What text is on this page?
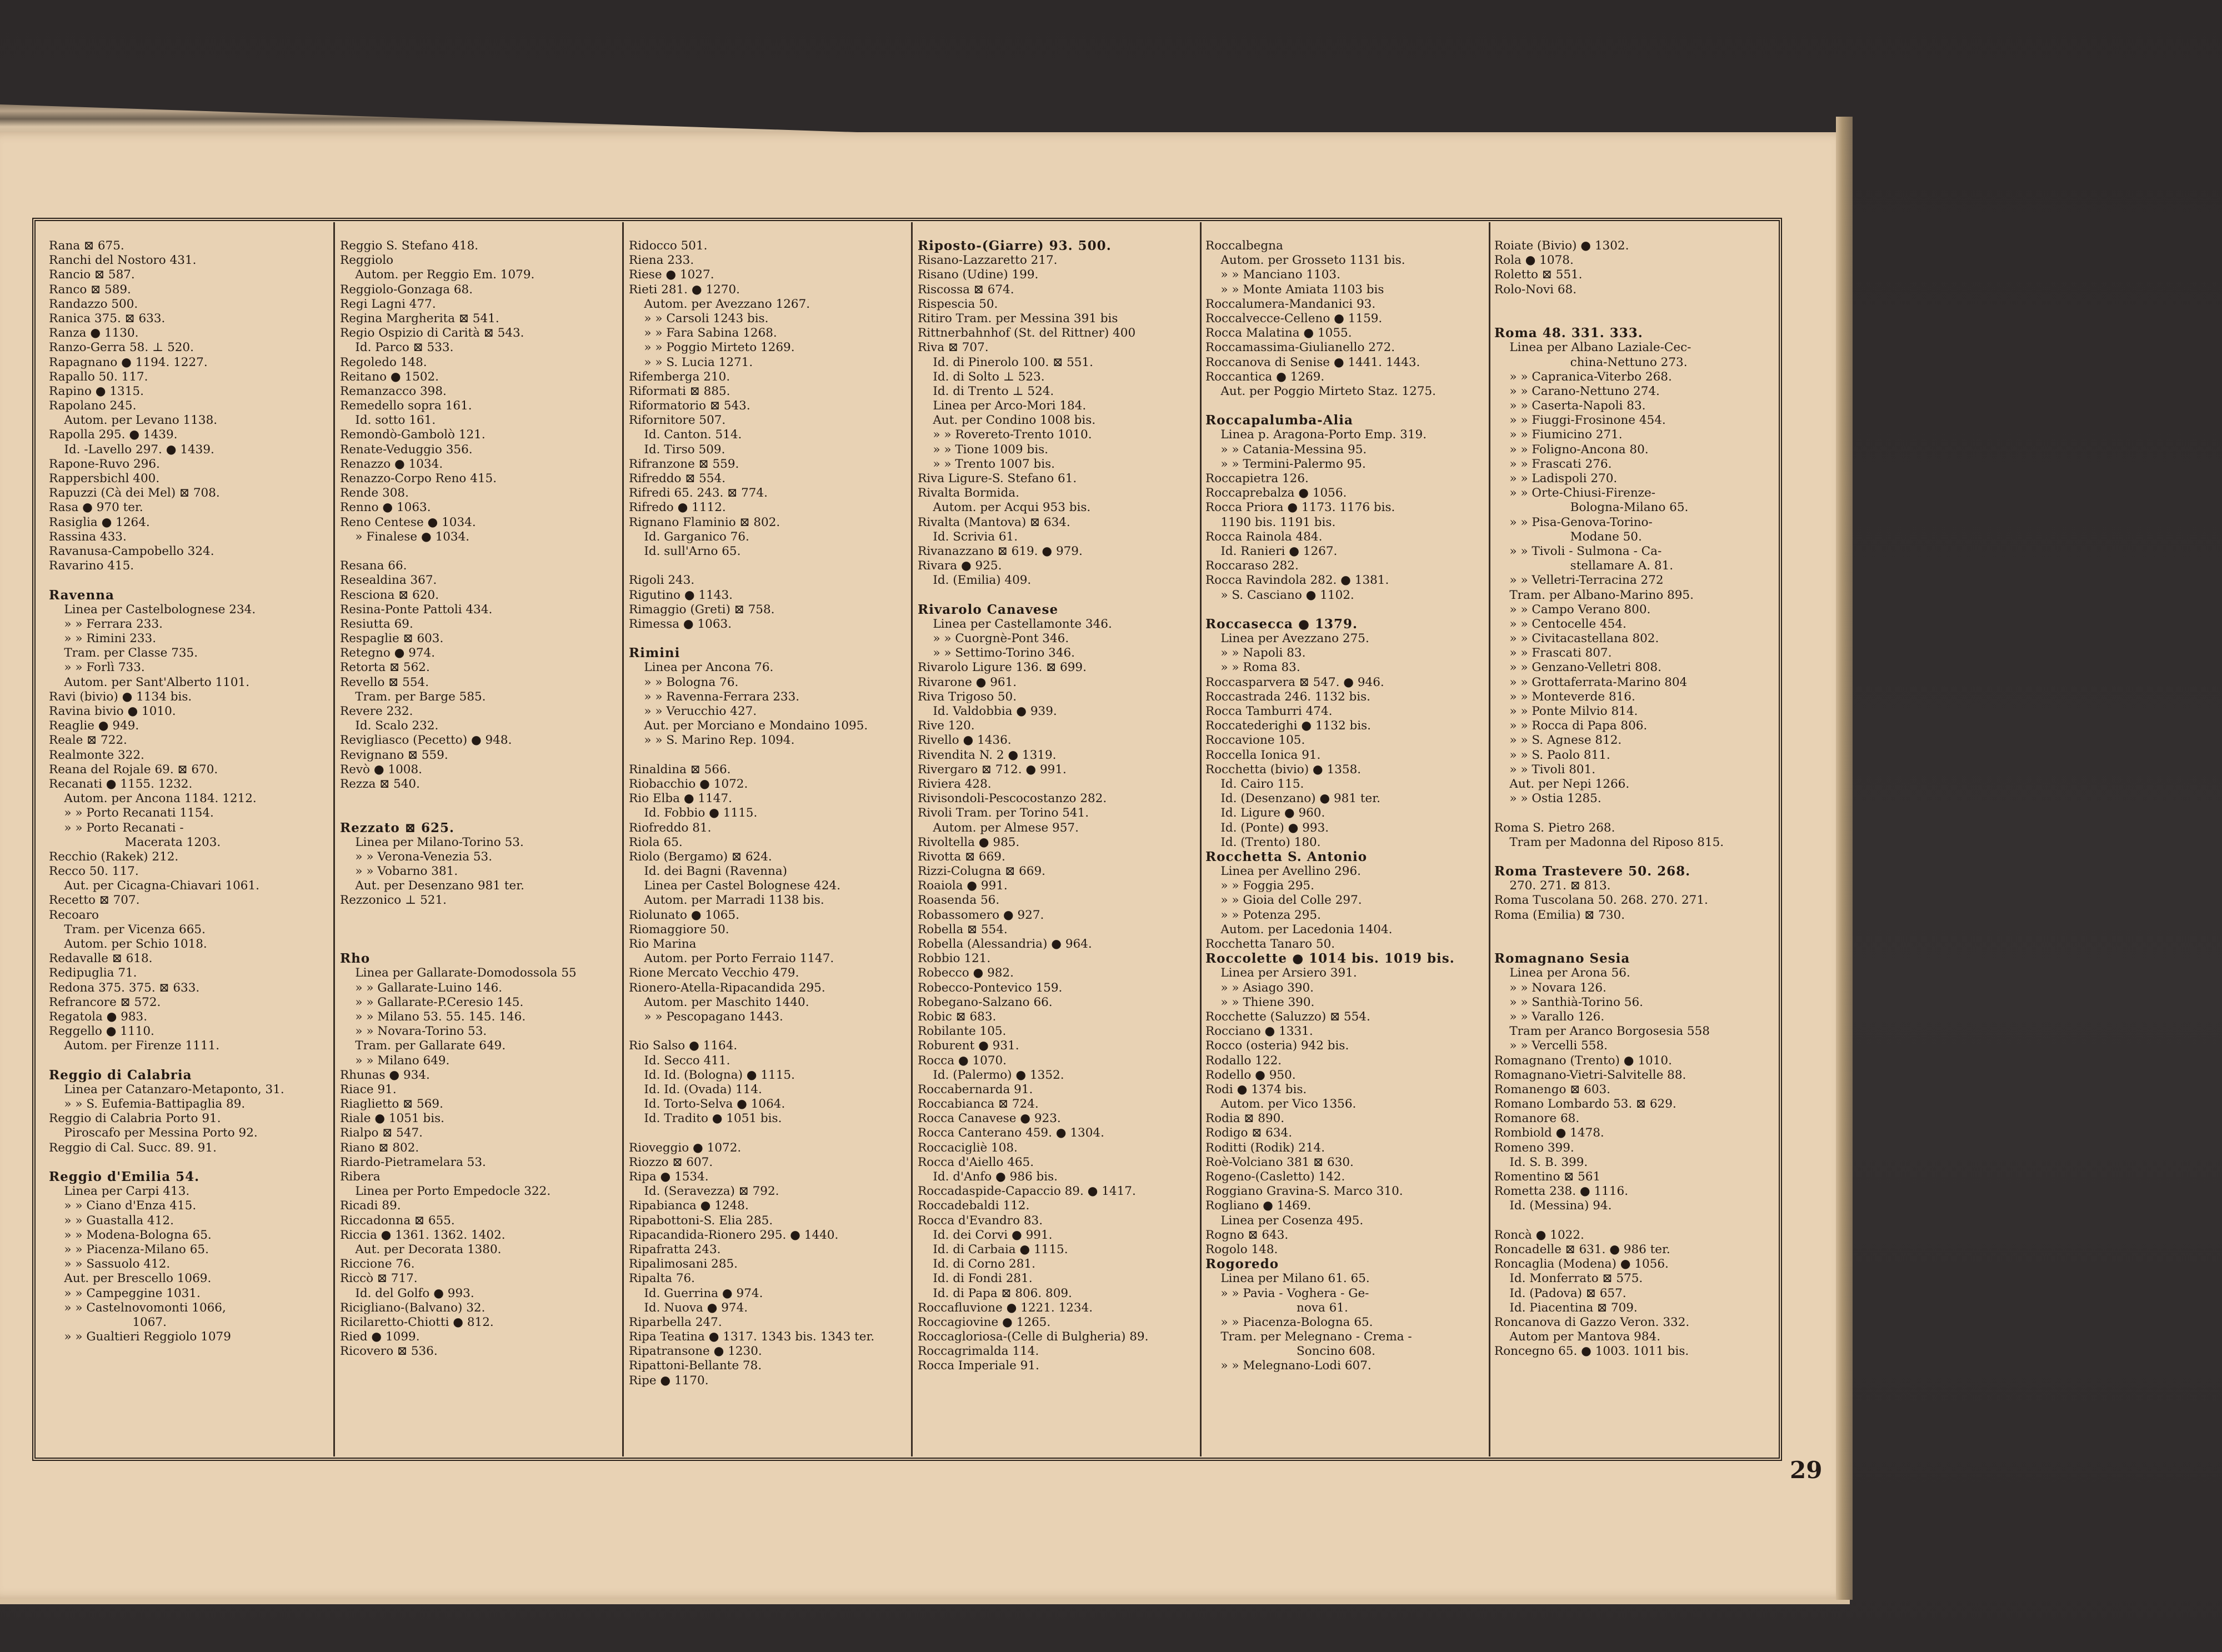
Rana ⊠ 675.
Ranchi del Nostoro 431.
Rancio ⊠ 587.
Ranco ⊠ 589.
Randazzo 500.
Ranica 375. ⊠ 633.
Ranza ● 1130.
Ranzo-Gerra 58. ⊥ 520.
Rapagnano ● 1194. 1227.
Rapallo 50. 117.
Rapino ● 1315.
Rapolano 245.
Autom. per Levano 1138.
Rapolla 295. ● 1439.
Id. -Lavello 297. ● 1439.
Rapone-Ruvo 296.
Rappersbichl 400.
Rapuzzi (Cà dei Mel) ⊠ 708.
Rasa ● 970 ter.
Rasiglia ● 1264.
Rassina 433.
Ravanusa-Campobello 324.
Ravarino 415.
Ravenna
Linea per Castelbolognese 234.
» » Ferrara 233.
» » Rimini 233.
Tram. per Classe 735.
» » Forlì 733.
Autom. per Sant'Alberto 1101.
Ravi (bivio) ● 1134 bis.
Ravina bivio ● 1010.
Reaglie ● 949.
Reale ⊠ 722.
Realmonte 322.
Reana del Rojale 69. ⊠ 670.
Recanati ● 1155. 1232.
Autom. per Ancona 1184. 1212.
» » Porto Recanati 1154.
» » Porto Recanati -
Macerata 1203.
Recchio (Rakek) 212.
Recco 50. 117.
Aut. per Cicagna-Chiavari 1061.
Recetto ⊠ 707.
Recoaro
Tram. per Vicenza 665.
Autom. per Schio 1018.
Redavalle ⊠ 618.
Redipuglia 71.
Redona 375. 375. ⊠ 633.
Refrancore ⊠ 572.
Regatola ● 983.
Reggello ● 1110.
Autom. per Firenze 1111.
Reggio di Calabria
Linea per Catanzaro-Metaponto, 31.
» » S. Eufemia-Battipaglia 89.
Reggio di Calabria Porto 91.
Piroscafo per Messina Porto 92.
Reggio di Cal. Succ. 89. 91.
Reggio d'Emilia 54.
Linea per Carpi 413.
» » Ciano d'Enza 415.
» » Guastalla 412.
» » Modena-Bologna 65.
» » Piacenza-Milano 65.
» » Sassuolo 412.
Aut. per Brescello 1069.
» » Campeggine 1031.
» » Castelnovomonti 1066,
1067.
» » Gualtieri Reggiolo 1079
Reggio S. Stefano 418.
Reggiolo
Autom. per Reggio Em. 1079.
Reggiolo-Gonzaga 68.
Regi Lagni 477.
Regina Margherita ⊠ 541.
Regio Ospizio di Carità ⊠ 543.
Id. Parco ⊠ 533.
Regoledo 148.
Reitano ● 1502.
Remanzacco 398.
Remedello sopra 161.
Id. sotto 161.
Remondò-Gambolò 121.
Renate-Veduggio 356.
Renazzo ● 1034.
Renazzo-Corpo Reno 415.
Rende 308.
Renno ● 1063.
Reno Centese ● 1034.
» Finalese ● 1034.
Resana 66.
Resealdina 367.
Resciona ⊠ 620.
Resina-Ponte Pattoli 434.
Resiutta 69.
Respaglie ⊠ 603.
Retegno ● 974.
Retorta ⊠ 562.
Revello ⊠ 554.
Tram. per Barge 585.
Revere 232.
Id. Scalo 232.
Revigliasco (Pecetto) ● 948.
Revignano ⊠ 559.
Revò ● 1008.
Rezza ⊠ 540.
Rezzato ⊠ 625.
Linea per Milano-Torino 53.
» » Verona-Venezia 53.
» » Vobarno 381.
Aut. per Desenzano 981 ter.
Rezzonico ⊥ 521.
Rho
Linea per Gallarate-Domodossola 55
» » Gallarate-Luino 146.
» » Gallarate-P.Ceresio 145.
» » Milano 53. 55. 145. 146.
» » Novara-Torino 53.
Tram. per Gallarate 649.
» » Milano 649.
Rhunas ● 934.
Riace 91.
Riaglietto ⊠ 569.
Riale ● 1051 bis.
Rialpo ⊠ 547.
Riano ⊠ 802.
Riardo-Pietramelara 53.
Ribera
Linea per Porto Empedocle 322.
Ricadi 89.
Riccadonna ⊠ 655.
Riccia ● 1361. 1362. 1402.
Aut. per Decorata 1380.
Riccione 76.
Riccò ⊠ 717.
Id. del Golfo ● 993.
Riciglianо-(Balvano) 32.
Ricilaretto-Chiotti ● 812.
Ried ● 1099.
Ricovero ⊠ 536.
Ridocco 501.
Riena 233.
Riese ● 1027.
Rieti 281. ● 1270.
Autom. per Avezzano 1267.
» » Carsoli 1243 bis.
» » Fara Sabina 1268.
» » Poggio Mirteto 1269.
» » S. Lucia 1271.
Rifemberga 210.
Riformati ⊠ 885.
Riformatorio ⊠ 543.
Rifornitore 507.
Id. Canton. 514.
Id. Tirso 509.
Rifranzone ⊠ 559.
Rifreddo ⊠ 554.
Rifredi 65. 243. ⊠ 774.
Rifredo ● 1112.
Rignano Flaminio ⊠ 802.
Id. Garganico 76.
Id. sull'Arno 65.
Rigoli 243.
Rigutino ● 1143.
Rimaggio (Greti) ⊠ 758.
Rimessa ● 1063.
Rimini
Linea per Ancona 76.
» » Bologna 76.
» » Ravenna-Ferrara 233.
» » Verucchio 427.
Aut. per Morciano e Mondaino 1095.
» » S. Marino Rep. 1094.
Rinaldina ⊠ 566.
Riobacchio ● 1072.
Rio Elba ● 1147.
Id. Fobbio ● 1115.
Riofreddo 81.
Riola 65.
Riolo (Bergamo) ⊠ 624.
Id. dei Bagni (Ravenna)
Linea per Castel Bolognese 424.
Autom. per Marradi 1138 bis.
Riolunato ● 1065.
Riomaggiore 50.
Rio Marina
Autom. per Porto Ferraio 1147.
Rione Mercato Vecchio 479.
Rionero-Atella-Ripacandida 295.
Autom. per Maschito 1440.
» » Pescopagano 1443.
Rio Salso ● 1164.
Id. Secco 411.
Id. Id. (Bologna) ● 1115.
Id. Id. (Ovada) 114.
Id. Torto-Selva ● 1064.
Id. Tradito ● 1051 bis.
Rioveggio ● 1072.
Riozzo ⊠ 607.
Ripa ● 1534.
Id. (Seravezza) ⊠ 792.
Ripabianca ● 1248.
Ripabottoni-S. Elia 285.
Ripacandida-Rionero 295. ● 1440.
Ripafratta 243.
Ripalimosani 285.
Ripalta 76.
Id. Guerrina ● 974.
Id. Nuova ● 974.
Riparbella 247.
Ripa Teatina ● 1317. 1343 bis. 1343 ter.
Ripatransone ● 1230.
Ripattoni-Bellante 78.
Ripe ● 1170.
Riposto-(Giarre) 93. 500.
Risano-Lazzaretto 217.
Risano (Udine) 199.
Riscossa ⊠ 674.
Rispescia 50.
Ritiro Tram. per Messina 391 bis
Rittnerbahnhof (St. del Rittner) 400
Riva ⊠ 707.
Id. di Pinerolo 100. ⊠ 551.
Id. di Solto ⊥ 523.
Id. di Trento ⊥ 524.
Linea per Arco-Mori 184.
Aut. per Condino 1008 bis.
» » Rovereto-Trento 1010.
» » Tione 1009 bis.
» » Trento 1007 bis.
Riva Ligure-S. Stefano 61.
Rivalta Bormida.
Autom. per Acqui 953 bis.
Rivalta (Mantova) ⊠ 634.
Id. Scrivia 61.
Rivanazzano ⊠ 619. ● 979.
Rivara ● 925.
Id. (Emilia) 409.
Rivarolo Canavese
Linea per Castellamonte 346.
» » Cuorgnè-Pont 346.
» » Settimo-Torino 346.
Rivarolo Ligure 136. ⊠ 699.
Rivarone ● 961.
Riva Trigoso 50.
Id. Valdobbia ● 939.
Rive 120.
Rivello ● 1436.
Rivendita N. 2 ● 1319.
Rivergaro ⊠ 712. ● 991.
Riviera 428.
Rivisondoli-Pescocostanzo 282.
Rivoli Tram. per Torino 541.
Autom. per Almese 957.
Rivoltella ● 985.
Rivotta ⊠ 669.
Rizzi-Colugna ⊠ 669.
Roaiola ● 991.
Roasenda 56.
Robassomero ● 927.
Robella ⊠ 554.
Robella (Alessandria) ● 964.
Robbio 121.
Robecco ● 982.
Robecco-Pontevico 159.
Robegano-Salzano 66.
Robic ⊠ 683.
Robilante 105.
Roburent ● 931.
Rocca ● 1070.
Id. (Palermo) ● 1352.
Roccabernarda 91.
Roccabianca ⊠ 724.
Rocca Canavese ● 923.
Rocca Canterano 459. ● 1304.
Roccacigliè 108.
Rocca d'Aiello 465.
Id. d'Anfo ● 986 bis.
Roccadaspide-Capaccio 89. ● 1417.
Roccadebaldi 112.
Rocca d'Evandro 83.
Id. dei Corvi ● 991.
Id. di Carbaia ● 1115.
Id. di Corno 281.
Id. di Fondi 281.
Id. di Papa ⊠ 806. 809.
Roccafluvione ● 1221. 1234.
Roccagiovine ● 1265.
Roccagloriosa-(Celle di Bulgheria) 89.
Roccagrimalda 114.
Rocca Imperiale 91.
Roccalbegna
Autom. per Grosseto 1131 bis.
» » Manciano 1103.
» » Monte Amiata 1103 bis
Roccalumera-Mandanici 93.
Roccalvecce-Celleno ● 1159.
Rocca Malatina ● 1055.
Roccamassima-Giulianello 272.
Roccanova di Senise ● 1441. 1443.
Roccantica ● 1269.
Aut. per Poggio Mirteto Staz. 1275.
Roccapalumba-Alia
Linea p. Aragona-Porto Emp. 319.
» » Catania-Messina 95.
» » Termini-Palermo 95.
Roccapietra 126.
Roccaprebalza ● 1056.
Rocca Priora ● 1173. 1176 bis.
1190 bis. 1191 bis.
Rocca Rainola 484.
Id. Ranieri ● 1267.
Roccaraso 282.
Rocca Ravindola 282. ● 1381.
» S. Casciano ● 1102.
Roccasecca ● 1379.
Linea per Avezzano 275.
» » Napoli 83.
» » Roma 83.
Roccasparvera ⊠ 547. ● 946.
Roccastrada 246. 1132 bis.
Rocca Tamburri 474.
Roccatederighi ● 1132 bis.
Roccavione 105.
Roccella Ionica 91.
Rocchetta (bivio) ● 1358.
Id. Cairo 115.
Id. (Desenzano) ● 981 ter.
Id. Ligure ● 960.
Id. (Ponte) ● 993.
Id. (Trento) 180.
Rocchetta S. Antonio
Linea per Avellino 296.
» » Foggia 295.
» » Gioia del Colle 297.
» » Potenza 295.
Autom. per Lacedonia 1404.
Rocchetta Tanaro 50.
Roccolette ● 1014 bis. 1019 bis.
Linea per Arsiero 391.
» » Asiago 390.
» » Thiene 390.
Rocchette (Saluzzo) ⊠ 554.
Rocciano ● 1331.
Rocco (osteria) 942 bis.
Rodallo 122.
Rodello ● 950.
Rodi ● 1374 bis.
Autom. per Vico 1356.
Rodia ⊠ 890.
Rodigo ⊠ 634.
Roditti (Rodik) 214.
Roè-Volciano 381 ⊠ 630.
Rogeno-(Casletto) 142.
Roggiano Gravina-S. Marco 310.
Rogliano ● 1469.
Linea per Cosenza 495.
Rogno ⊠ 643.
Rogolo 148.
Rogoredo
Linea per Milano 61. 65.
» » Pavia - Voghera - Ge-
nova 61.
» » Piacenza-Bologna 65.
Tram. per Melegnano - Crema -
Soncino 608.
» » Melegnano-Lodi 607.
Roiate (Bivio) ● 1302.
Rola ● 1078.
Roletto ⊠ 551.
Rolo-Novi 68.
Roma 48. 331. 333.
Linea per Albano Laziale-Cec-
china-Nettuno 273.
» » Capranica-Viterbo 268.
» » Carano-Nettuno 274.
» » Caserta-Napoli 83.
» » Fiuggi-Frosinone 454.
» » Fiumicino 271.
» » Foligno-Ancona 80.
» » Frascati 276.
» » Ladispoli 270.
» » Orte-Chiusi-Firenze-
Bologna-Milano 65.
» » Pisa-Genova-Torino-
Modane 50.
» » Tivoli - Sulmona - Ca-
stellamare A. 81.
» » Velletri-Terracina 272
Tram. per Albano-Marino 895.
» » Campo Verano 800.
» » Centocelle 454.
» » Civitacastellana 802.
» » Frascati 807.
» » Genzano-Velletri 808.
» » Grottaferrata-Marino 804
» » Monteverde 816.
» » Ponte Milvio 814.
» » Rocca di Papa 806.
» » S. Agnese 812.
» » S. Paolo 811.
» » Tivoli 801.
Aut. per Nepi 1266.
» » Ostia 1285.
Roma S. Pietro 268.
Tram per Madonna del Riposo 815.
Roma Trastevere 50. 268.
270. 271. ⊠ 813.
Roma Tuscolana 50. 268. 270. 271.
Roma (Emilia) ⊠ 730.
Romagnano Sesia
Linea per Arona 56.
» » Novara 126.
» » Santhià-Torino 56.
» » Varallo 126.
Tram per Aranco Borgosesia 558
» » Vercelli 558.
Romagnano (Trento) ● 1010.
Romagnano-Vietri-Salvitelle 88.
Romanengo ⊠ 603.
Romano Lombardo 53. ⊠ 629.
Romanore 68.
Rombiold ● 1478.
Romeno 399.
Id. S. B. 399.
Romentino ⊠ 561
Rometta 238. ● 1116.
Id. (Messina) 94.
Roncà ● 1022.
Roncadelle ⊠ 631. ● 986 ter.
Roncaglia (Modena) ● 1056.
Id. Monferrato ⊠ 575.
Id. (Padova) ⊠ 657.
Id. Piacentina ⊠ 709.
Roncanova di Gazzo Veron. 332.
Autom per Mantova 984.
Roncegno 65. ● 1003. 1011 bis.
29
